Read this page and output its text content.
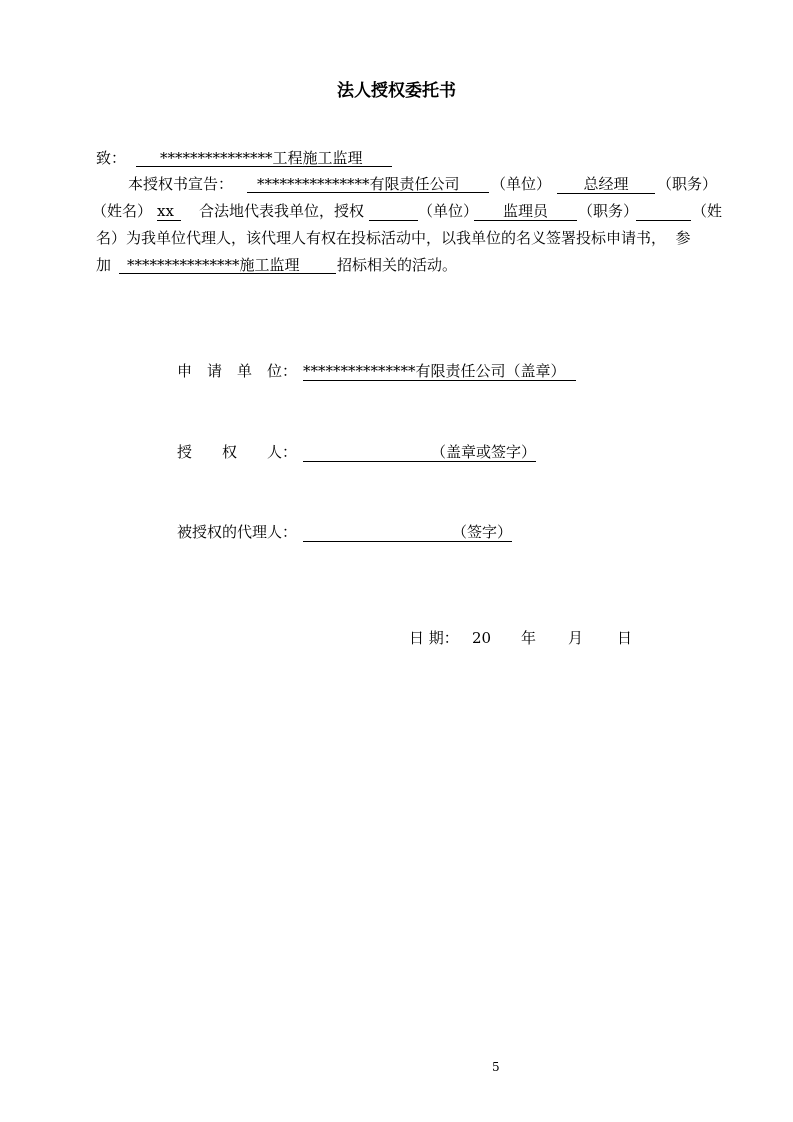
法人授权委托书
致：	***************工程施工监理
本授权书宣告：	***************有限责任公司	（单位）	总经理	（职务）
（姓名） xx	合法地代表我单位，授权	（单位）	监理员	（职务）	（姓
名）为我单位代理人，该代理人有权在投标活动中，以我单位的名义签署投标申请书，  参
加	***************施工监理	招标相关的活动。
申　请　单　位： ***************有限责任公司（盖章）
授　　权　　人：	（盖章或签字）
被授权的代理人：	（签字）
日 期： 20 年 月 日
5
